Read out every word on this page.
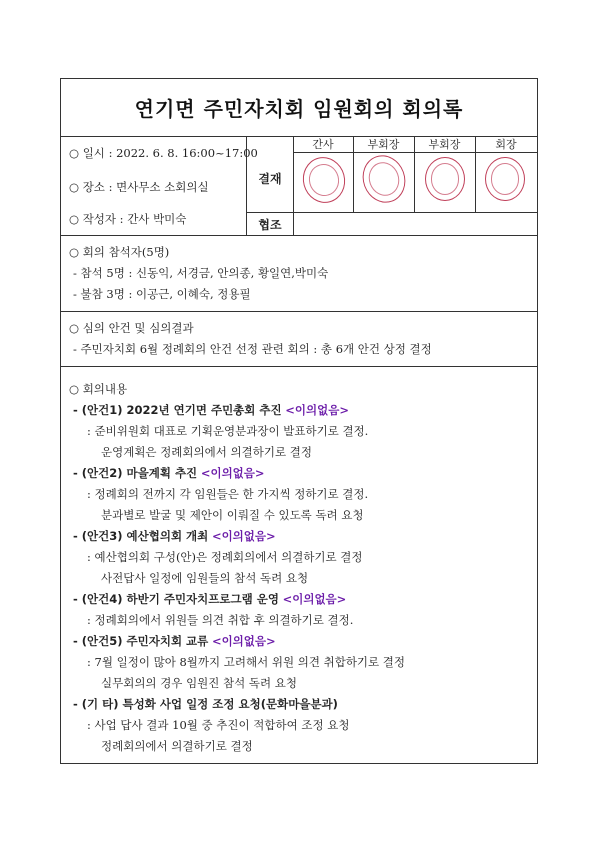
연기면 주민자치회 임원회의 회의록
○ 일시 : 2022. 6. 8. 16:00~17:00
○ 장소 : 면사무소 소회의실
○ 작성자 : 간사 박미숙
결재
협조
간사	부회장	부회장	회장
○ 회의 참석자(5명)
- 참석 5명 : 신동익, 서경금, 안의종, 황일연,박미숙
- 불참 3명 : 이공근, 이혜숙, 정용필
○ 심의 안건 및 심의결과
- 주민자치회 6월 정례회의 안건 선정 관련 회의 : 총 6개 안건 상정 결정
○ 회의내용
- (안건1) 2022년 연기면 주민총회 추진 <이의없음>
: 준비위원회 대표로 기획운영분과장이 발표하기로 결정.
운영계획은 정례회의에서 의결하기로 결정
- (안건2) 마을계획 추진 <이의없음>
: 정례회의 전까지 각 임원들은 한 가지씩 정하기로 결정.
분과별로 발굴 및 제안이 이뤄질 수 있도록 독려 요청
- (안건3) 예산협의회 개최 <이의없음>
: 예산협의회 구성(안)은 정례회의에서 의결하기로 결정
사전답사 일정에 임원들의 참석 독려 요청
- (안건4) 하반기 주민자치프로그램 운영 <이의없음>
: 정례회의에서 위원들 의견 취합 후 의결하기로 결정.
- (안건5) 주민자치회 교류 <이의없음>
: 7월 일정이 많아 8월까지 고려해서 위원 의견 취합하기로 결정
실무회의의 경우 임원진 참석 독려 요청
- (기 타) 특성화 사업 일정 조정 요청(문화마을분과)
: 사업 답사 결과 10월 중 추진이 적합하여 조정 요청
정례회의에서 의결하기로 결정
